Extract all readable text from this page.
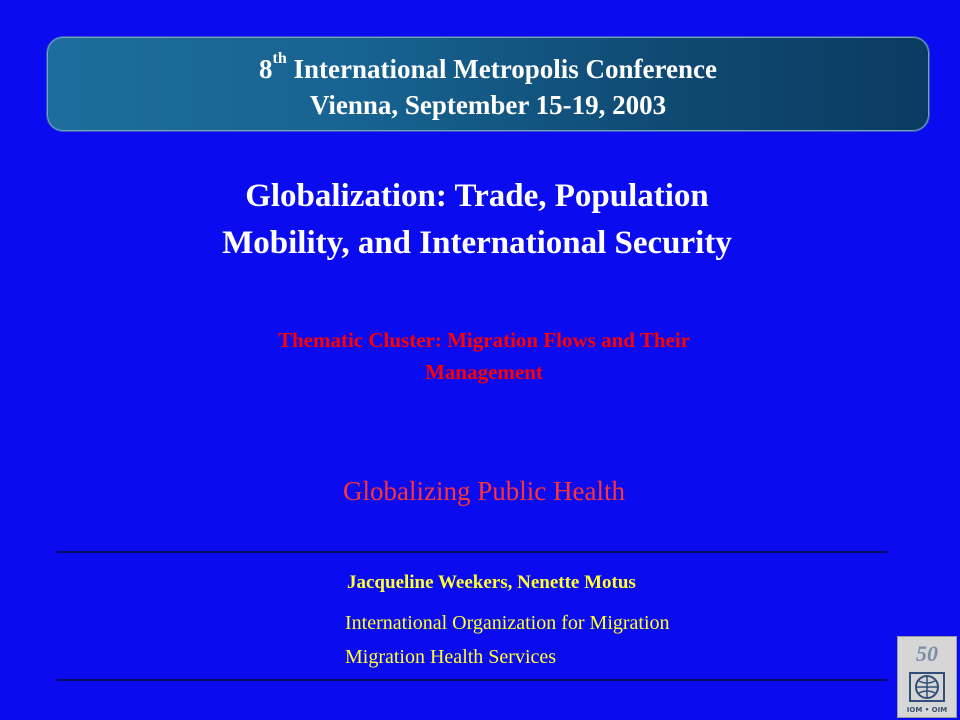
8th International Metropolis Conference
Vienna, September 15-19, 2003
Globalization: Trade, Population
Mobility, and International Security
Thematic Cluster: Migration Flows and Their
Management
Globalizing Public Health
Jacqueline Weekers, Nenette Motus
International Organization for Migration
Migration Health Services	50
IOM • OIM
